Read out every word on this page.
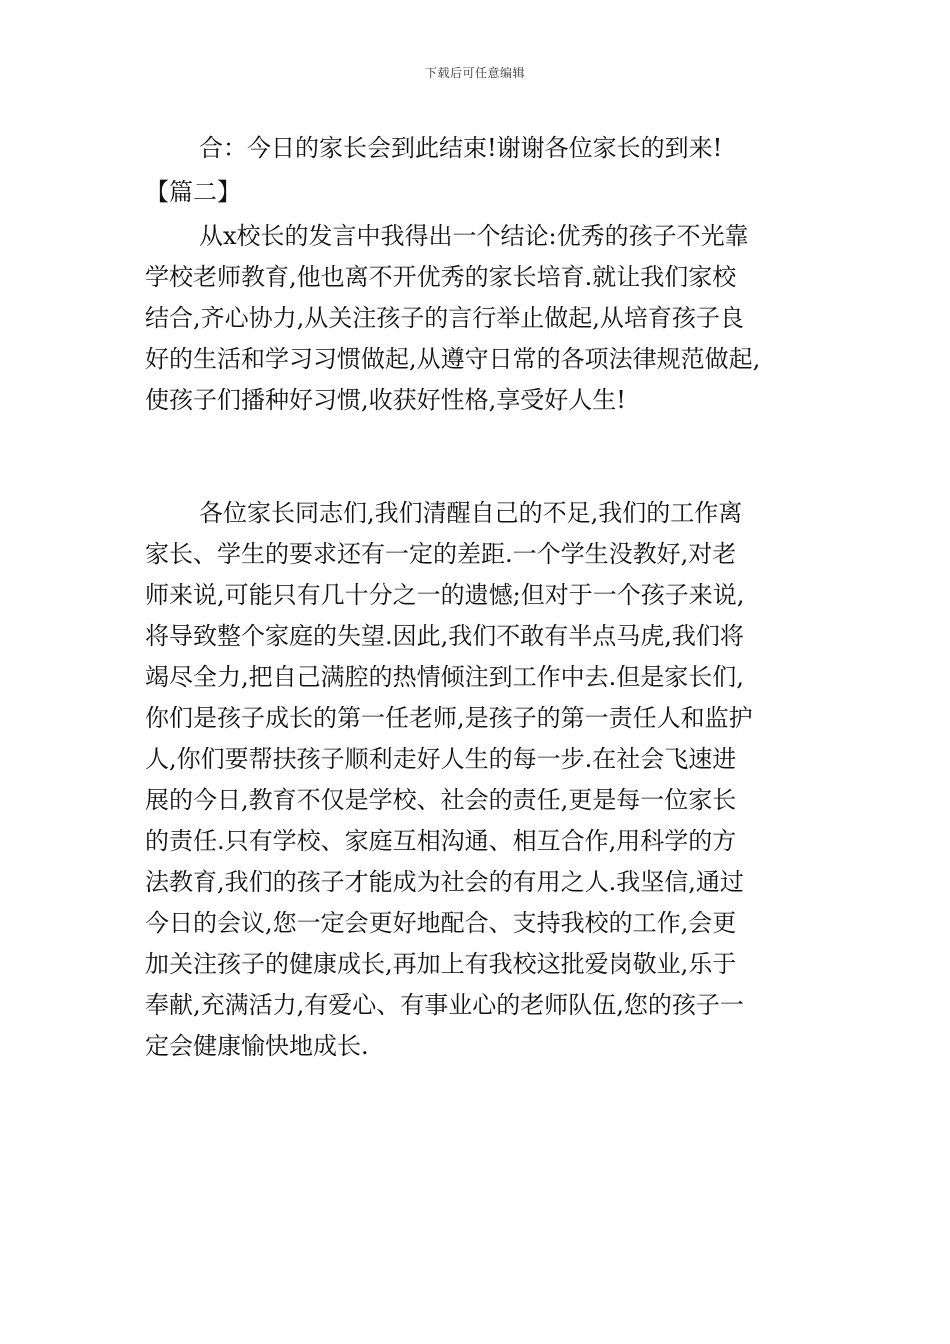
下载后可任意编辑
合：今日的家长会到此结束!谢谢各位家长的到来!
【篇二】
从x校长的发言中我得出一个结论:优秀的孩子不光靠
学校老师教育,他也离不开优秀的家长培育.就让我们家校
结合,齐心协力,从关注孩子的言行举止做起,从培育孩子良
好的生活和学习习惯做起,从遵守日常的各项法律规范做起,
使孩子们播种好习惯,收获好性格,享受好人生!
各位家长同志们,我们清醒自己的不足,我们的工作离
家长、学生的要求还有一定的差距.一个学生没教好,对老
师来说,可能只有几十分之一的遗憾;但对于一个孩子来说,
将导致整个家庭的失望.因此,我们不敢有半点马虎,我们将
竭尽全力,把自己满腔的热情倾注到工作中去.但是家长们,
你们是孩子成长的第一任老师,是孩子的第一责任人和监护
人,你们要帮扶孩子顺利走好人生的每一步.在社会飞速进
展的今日,教育不仅是学校、社会的责任,更是每一位家长
的责任.只有学校、家庭互相沟通、相互合作,用科学的方
法教育,我们的孩子才能成为社会的有用之人.我坚信,通过
今日的会议,您一定会更好地配合、支持我校的工作,会更
加关注孩子的健康成长,再加上有我校这批爱岗敬业,乐于
奉献,充满活力,有爱心、有事业心的老师队伍,您的孩子一
定会健康愉快地成长.
